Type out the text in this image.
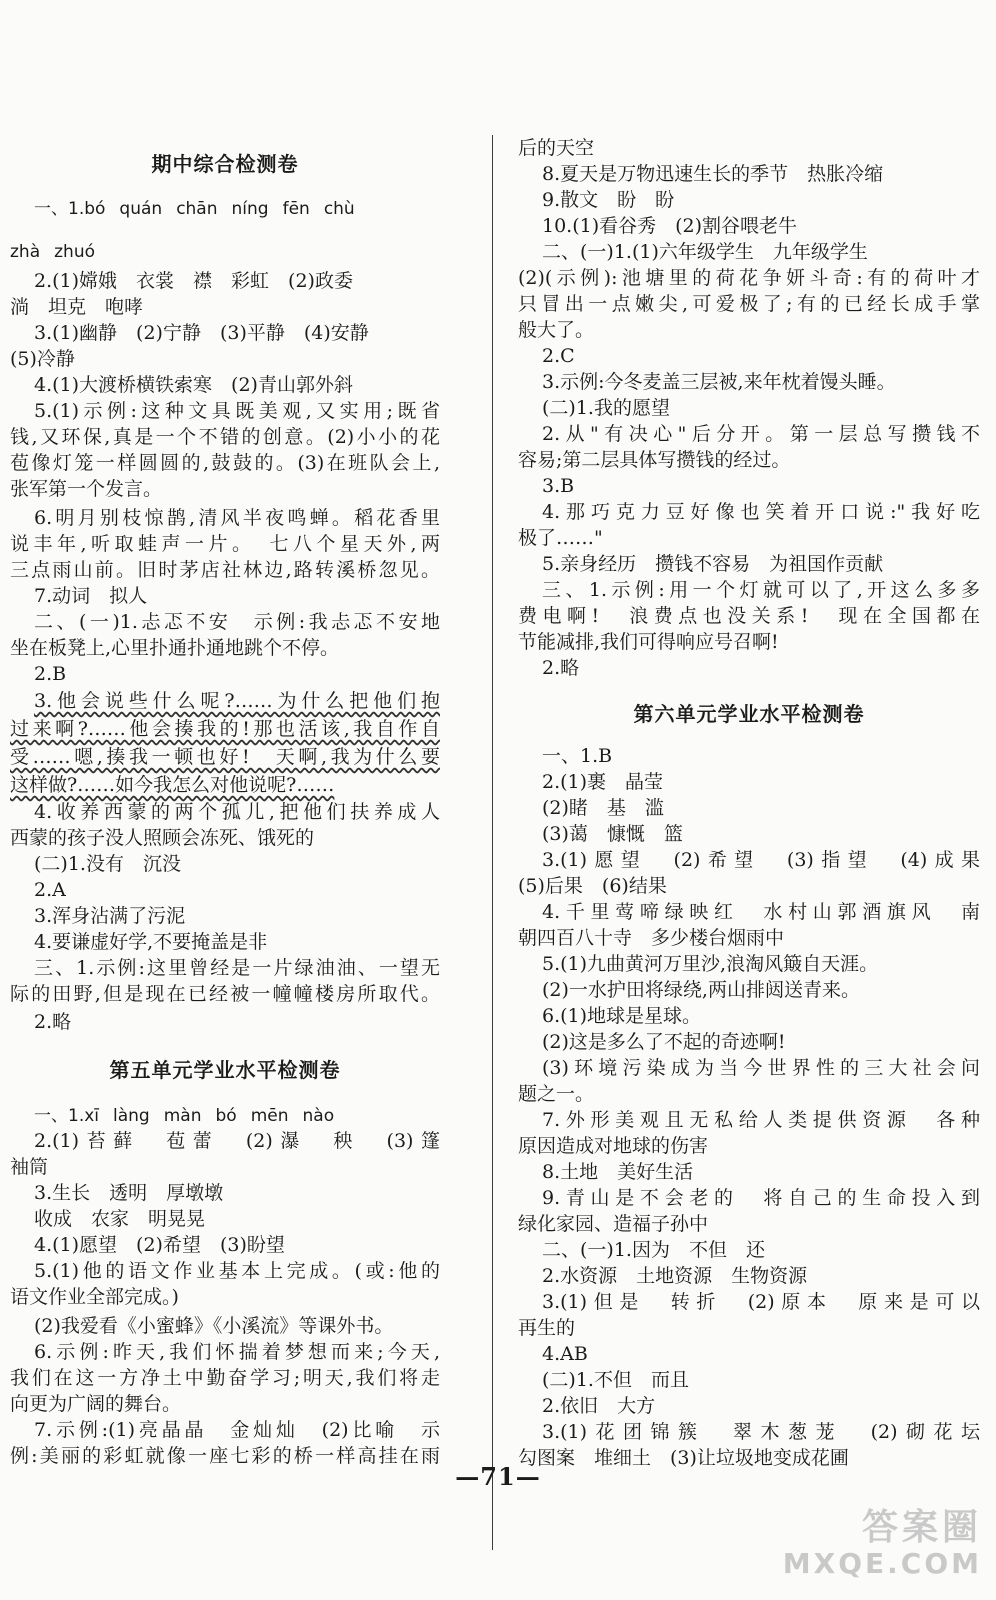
期中综合检测卷
一、1.bó quán chān níng fēn chù
zhà zhuó
2.(1)嫦娥　衣裳　襟　彩虹　(2)政委
淌　坦克　咆哮
3.(1)幽静　(2)宁静　(3)平静　(4)安静
(5)冷静
4.(1)大渡桥横铁索寒　(2)青山郭外斜
5.(1)示例:这种文具既美观,又实用;既省
钱,又环保,真是一个不错的创意。(2)小小的花
苞像灯笼一样圆圆的,鼓鼓的。(3)在班队会上,
张军第一个发言。
6.明月别枝惊鹊,清风半夜鸣蝉。稻花香里
说丰年,听取蛙声一片。　七八个星天外,两
三点雨山前。旧时茅店社林边,路转溪桥忽见。
7.动词　拟人
二、(一)1.忐忑不安　示例:我忐忑不安地
坐在板凳上,心里扑通扑通地跳个不停。
2.B
3.他会说些什么呢?……为什么把他们抱
过来啊?……他会揍我的!那也活该,我自作自
受……嗯,揍我一顿也好!　天啊,我为什么要
这样做?……如今我怎么对他说呢?……
4.收养西蒙的两个孤儿,把他们扶养成人
西蒙的孩子没人照顾会冻死、饿死的
(二)1.没有　沉没
2.A
3.浑身沾满了污泥
4.要谦虚好学,不要掩盖是非
三、1.示例:这里曾经是一片绿油油、一望无
际的田野,但是现在已经被一幢幢楼房所取代。
2.略
第五单元学业水平检测卷
一、1.xī làng màn bó mēn nào
2.(1)苔藓　苞蕾　(2)瀑　秧　(3)篷
袖筒
3.生长　透明　厚墩墩
收成　农家　明晃晃
4.(1)愿望　(2)希望　(3)盼望
5.(1)他的语文作业基本上完成。(或:他的
语文作业全部完成。)
(2)我爱看《小蜜蜂》《小溪流》等课外书。
6.示例:昨天,我们怀揣着梦想而来;今天,
我们在这一方净土中勤奋学习;明天,我们将走
向更为广阔的舞台。
7.示例:(1)亮晶晶　金灿灿　(2)比喻　示
例:美丽的彩虹就像一座七彩的桥一样高挂在雨
后的天空
8.夏天是万物迅速生长的季节　热胀冷缩
9.散文　盼　盼
10.(1)看谷秀　(2)割谷喂老牛
二、(一)1.(1)六年级学生　九年级学生
(2)(示例):池塘里的荷花争妍斗奇:有的荷叶才
只冒出一点嫩尖,可爱极了;有的已经长成手掌
般大了。
2.C
3.示例:今冬麦盖三层被,来年枕着馒头睡。
(二)1.我的愿望
2.从"有决心"后分开。第一层总写攒钱不
容易;第二层具体写攒钱的经过。
3.B
4.那巧克力豆好像也笑着开口说:"我好吃
极了……"
5.亲身经历　攒钱不容易　为祖国作贡献
三、1.示例:用一个灯就可以了,开这么多多
费电啊!　浪费点也没关系!　现在全国都在
节能减排,我们可得响应号召啊!
2.略
第六单元学业水平检测卷
一、1.B
2.(1)裹　晶莹
(2)睹　基　滥
(3)蔼　慷慨　篮
3.(1)愿望　(2)希望　(3)指望　(4)成果
(5)后果　(6)结果
4.千里莺啼绿映红　水村山郭酒旗风　南
朝四百八十寺　多少楼台烟雨中
5.(1)九曲黄河万里沙,浪淘风簸自天涯。
(2)一水护田将绿绕,两山排闼送青来。
6.(1)地球是星球。
(2)这是多么了不起的奇迹啊!
(3)环境污染成为当今世界性的三大社会问
题之一。
7.外形美观且无私给人类提供资源　各种
原因造成对地球的伤害
8.土地　美好生活
9.青山是不会老的　将自己的生命投入到
绿化家园、造福子孙中
二、(一)1.因为　不但　还
2.水资源　土地资源　生物资源
3.(1)但是　转折　(2)原本　原来是可以
再生的
4.AB
(二)1.不但　而且
2.依旧　大方
3.(1)花团锦簇　翠木葱茏　(2)砌花坛
勾图案　堆细土　(3)让垃圾地变成花圃
—71—
答案圈
MXQE.COM
